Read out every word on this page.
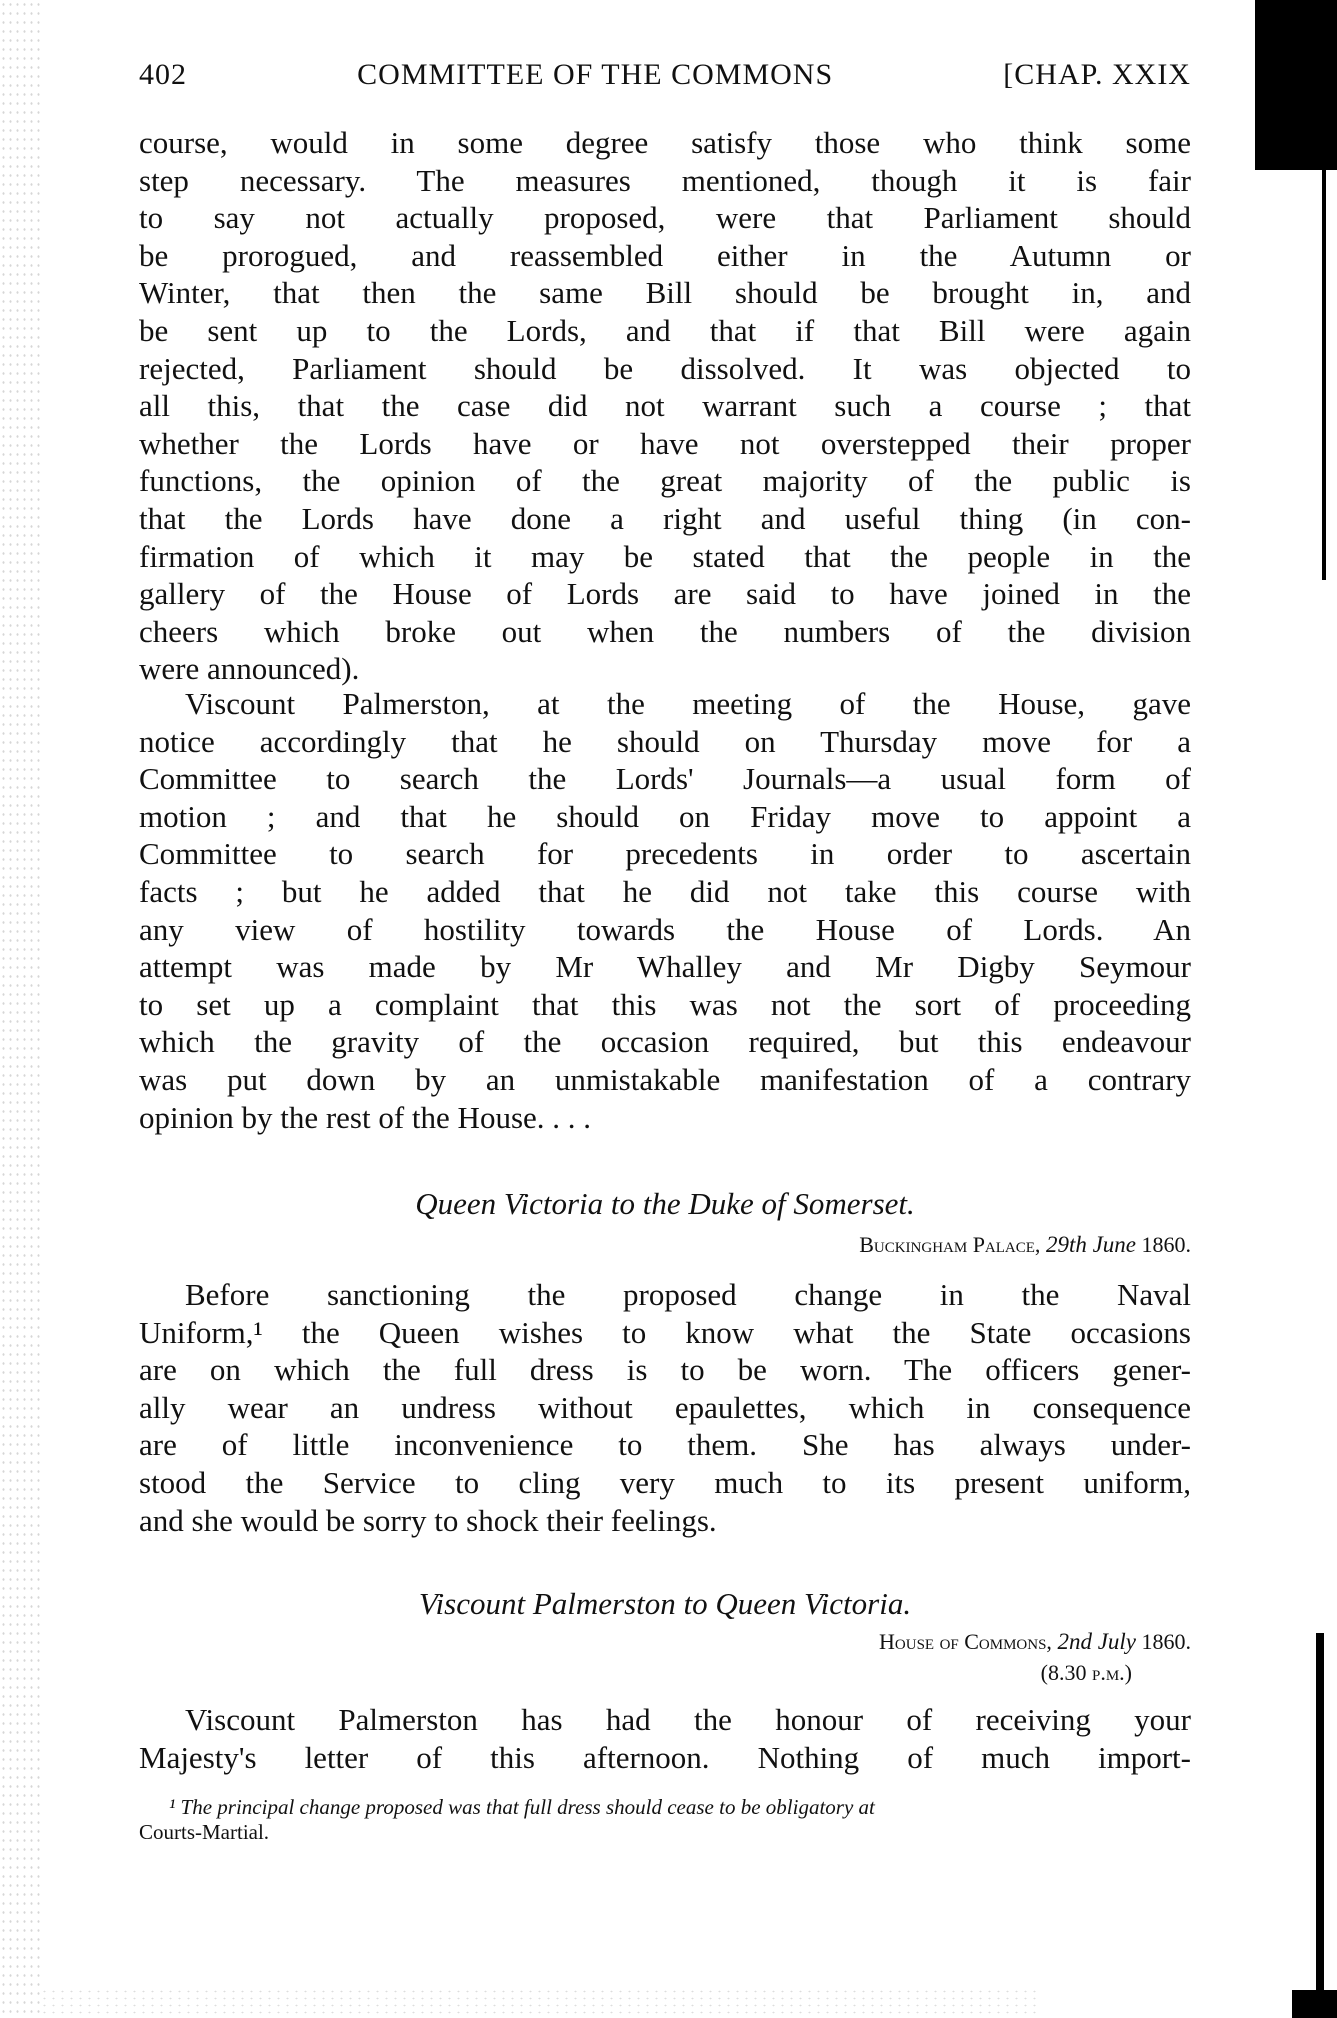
402	COMMITTEE OF THE COMMONS	[CHAP. XXIX
course, would in some degree satisfy those who think some
step necessary. The measures mentioned, though it is fair
to say not actually proposed, were that Parliament should
be prorogued, and reassembled either in the Autumn or
Winter, that then the same Bill should be brought in, and
be sent up to the Lords, and that if that Bill were again
rejected, Parliament should be dissolved. It was objected to
all this, that the case did not warrant such a course ; that
whether the Lords have or have not overstepped their proper
functions, the opinion of the great majority of the public is
that the Lords have done a right and useful thing (in con-
firmation of which it may be stated that the people in the
gallery of the House of Lords are said to have joined in the
cheers which broke out when the numbers of the division
were announced).
Viscount Palmerston, at the meeting of the House, gave
notice accordingly that he should on Thursday move for a
Committee to search the Lords' Journals—a usual form of
motion ; and that he should on Friday move to appoint a
Committee to search for precedents in order to ascertain
facts ; but he added that he did not take this course with
any view of hostility towards the House of Lords. An
attempt was made by Mr Whalley and Mr Digby Seymour
to set up a complaint that this was not the sort of proceeding
which the gravity of the occasion required, but this endeavour
was put down by an unmistakable manifestation of a contrary
opinion by the rest of the House. . . .
Queen Victoria to the Duke of Somerset.
Buckingham Palace, 29th June 1860.
Before sanctioning the proposed change in the Naval
Uniform,¹ the Queen wishes to know what the State occasions
are on which the full dress is to be worn. The officers gener-
ally wear an undress without epaulettes, which in consequence
are of little inconvenience to them. She has always under-
stood the Service to cling very much to its present uniform,
and she would be sorry to shock their feelings.
Viscount Palmerston to Queen Victoria.
House of Commons, 2nd July 1860.
(8.30 p.m.)
Viscount Palmerston has had the honour of receiving your
Majesty's letter of this afternoon. Nothing of much import-
¹ The principal change proposed was that full dress should cease to be obligatory at
Courts-Martial.
